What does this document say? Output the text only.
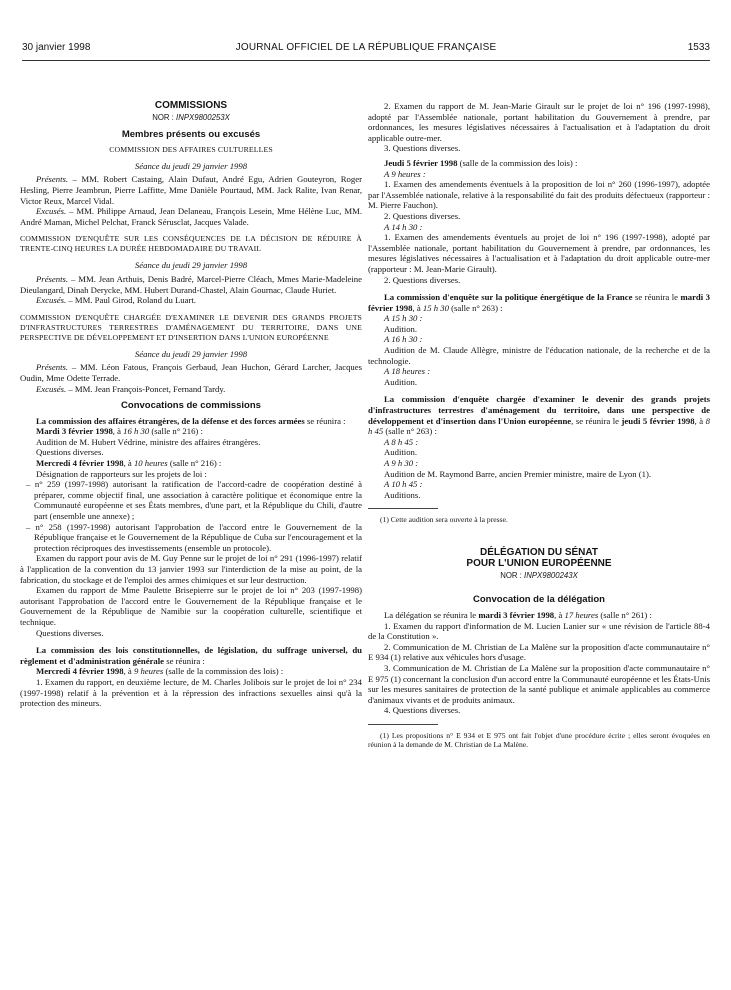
30 janvier 1998	JOURNAL OFFICIEL DE LA RÉPUBLIQUE FRANÇAISE	1533

COMMISSIONS

NOR : INPX9800253X

Membres présents ou excusés

COMMISSION DES AFFAIRES CULTURELLES

Séance du jeudi 29 janvier 1998

Présents. – MM. Robert Castaing, Alain Dufaut, André Egu, Adrien Gouteyron, Roger Hesling, Pierre Jeambrun, Pierre Laffitte, Mme Danièle Pourtaud, MM. Jack Ralite, Ivan Renar, Victor Reux, Marcel Vidal.

Excusés. – MM. Philippe Arnaud, Jean Delaneau, François Lesein, Mme Hélène Luc, MM. André Maman, Michel Pelchat, Franck Sérusclat, Jacques Valade.

COMMISSION D'ENQUÊTE SUR LES CONSÉQUENCES DE LA DÉCISION DE RÉDUIRE À TRENTE-CINQ HEURES LA DURÉE HEBDOMADAIRE DU TRAVAIL

Séance du jeudi 29 janvier 1998

Présents. – MM. Jean Arthuis, Denis Badré, Marcel-Pierre Cléach, Mmes Marie-Madeleine Dieulangard, Dinah Derycke, MM. Hubert Durand-Chastel, Alain Gournac, Claude Huriet.

Excusés. – MM. Paul Girod, Roland du Luart.

COMMISSION D'ENQUÊTE CHARGÉE D'EXAMINER LE DEVENIR DES GRANDS PROJETS D'INFRASTRUCTURES TERRESTRES D'AMÉNAGEMENT DU TERRITOIRE, DANS UNE PERSPECTIVE DE DÉVELOPPEMENT ET D'INSERTION DANS L'UNION EUROPÉENNE

Séance du jeudi 29 janvier 1998

Présents. – MM. Léon Fatous, François Gerbaud, Jean Huchon, Gérard Larcher, Jacques Oudin, Mme Odette Terrade.

Excusés. – MM. Jean François-Poncet, Fernand Tardy.

Convocations de commissions

La commission des affaires étrangères, de la défense et des forces armées se réunira :

Mardi 3 février 1998, à 16 h 30 (salle n° 216) :

Audition de M. Hubert Védrine, ministre des affaires étrangères.

Questions diverses.

Mercredi 4 février 1998, à 10 heures (salle n° 216) :

Désignation de rapporteurs sur les projets de loi :

– n° 259 (1997-1998) autorisant la ratification de l'accord-cadre de coopération destiné à préparer, comme objectif final, une association à caractère politique et économique entre la Communauté européenne et ses États membres, d'une part, et la République du Chili, d'autre part (ensemble une annexe) ;

– n° 258 (1997-1998) autorisant l'approbation de l'accord entre le Gouvernement de la République française et le Gouvernement de la République de Cuba sur l'encouragement et la protection réciproques des investissements (ensemble un protocole).

Examen du rapport pour avis de M. Guy Penne sur le projet de loi n° 291 (1996-1997) relatif à l'application de la convention du 13 janvier 1993 sur l'interdiction de la mise au point, de la fabrication, du stockage et de l'emploi des armes chimiques et sur leur destruction.

Examen du rapport de Mme Paulette Brisepierre sur le projet de loi n° 203 (1997-1998) autorisant l'approbation de l'accord entre le Gouvernement de la République française et le Gouvernement de la République de Namibie sur la coopération culturelle, scientifique et technique.

Questions diverses.

La commission des lois constitutionnelles, de législation, du suffrage universel, du règlement et d'administration générale se réunira :

Mercredi 4 février 1998, à 9 heures (salle de la commission des lois) :

1. Examen du rapport, en deuxième lecture, de M. Charles Jolibois sur le projet de loi n° 234 (1997-1998) relatif à la prévention et à la répression des infractions sexuelles ainsi qu'à la protection des mineurs.

2. Examen du rapport de M. Jean-Marie Girault sur le projet de loi n° 196 (1997-1998), adopté par l'Assemblée nationale, portant habilitation du Gouvernement à prendre, par ordonnances, les mesures législatives nécessaires à l'actualisation et à l'adaptation du droit applicable outre-mer.

3. Questions diverses.

Jeudi 5 février 1998 (salle de la commission des lois) :

A 9 heures :

1. Examen des amendements éventuels à la proposition de loi n° 260 (1996-1997), adoptée par l'Assemblée nationale, relative à la responsabilité du fait des produits défectueux (rapporteur : M. Pierre Fauchon).

2. Questions diverses.

A 14 h 30 :

1. Examen des amendements éventuels au projet de loi n° 196 (1997-1998), adopté par l'Assemblée nationale, portant habilitation du Gouvernement à prendre, par ordonnances, les mesures législatives nécessaires à l'actualisation et à l'adaptation du droit applicable outre-mer (rapporteur : M. Jean-Marie Girault).

2. Questions diverses.

La commission d'enquête sur la politique énergétique de la France se réunira le mardi 3 février 1998, à 15 h 30 (salle n° 263) :

A 15 h 30 :

Audition.

A 16 h 30 :

Audition de M. Claude Allègre, ministre de l'éducation nationale, de la recherche et de la technologie.

A 18 heures :

Audition.

La commission d'enquête chargée d'examiner le devenir des grands projets d'infrastructures terrestres d'aménagement du territoire, dans une perspective de développement et d'insertion dans l'Union européenne, se réunira le jeudi 5 février 1998, à 8 h 45 (salle n° 263) :

A 8 h 45 :

Audition.

A 9 h 30 :

Audition de M. Raymond Barre, ancien Premier ministre, maire de Lyon (1).

A 10 h 45 :

Auditions.

(1) Cette audition sera ouverte à la presse.

DÉLÉGATION DU SÉNAT

POUR L'UNION EUROPÉENNE

NOR : INPX9800243X

Convocation de la délégation

La délégation se réunira le mardi 3 février 1998, à 17 heures (salle n° 261) :

1. Examen du rapport d'information de M. Lucien Lanier sur « une révision de l'article 88-4 de la Constitution ».

2. Communication de M. Christian de La Malène sur la proposition d'acte communautaire n° E 934 (1) relative aux véhicules hors d'usage.

3. Communication de M. Christian de La Malène sur la proposition d'acte communautaire n° E 975 (1) concernant la conclusion d'un accord entre la Communauté européenne et les États-Unis sur les mesures sanitaires de protection de la santé publique et animale applicables au commerce d'animaux vivants et de produits animaux.

4. Questions diverses.

(1) Les propositions n° E 934 et E 975 ont fait l'objet d'une procédure écrite ; elles seront évoquées en réunion à la demande de M. Christian de La Malène.
